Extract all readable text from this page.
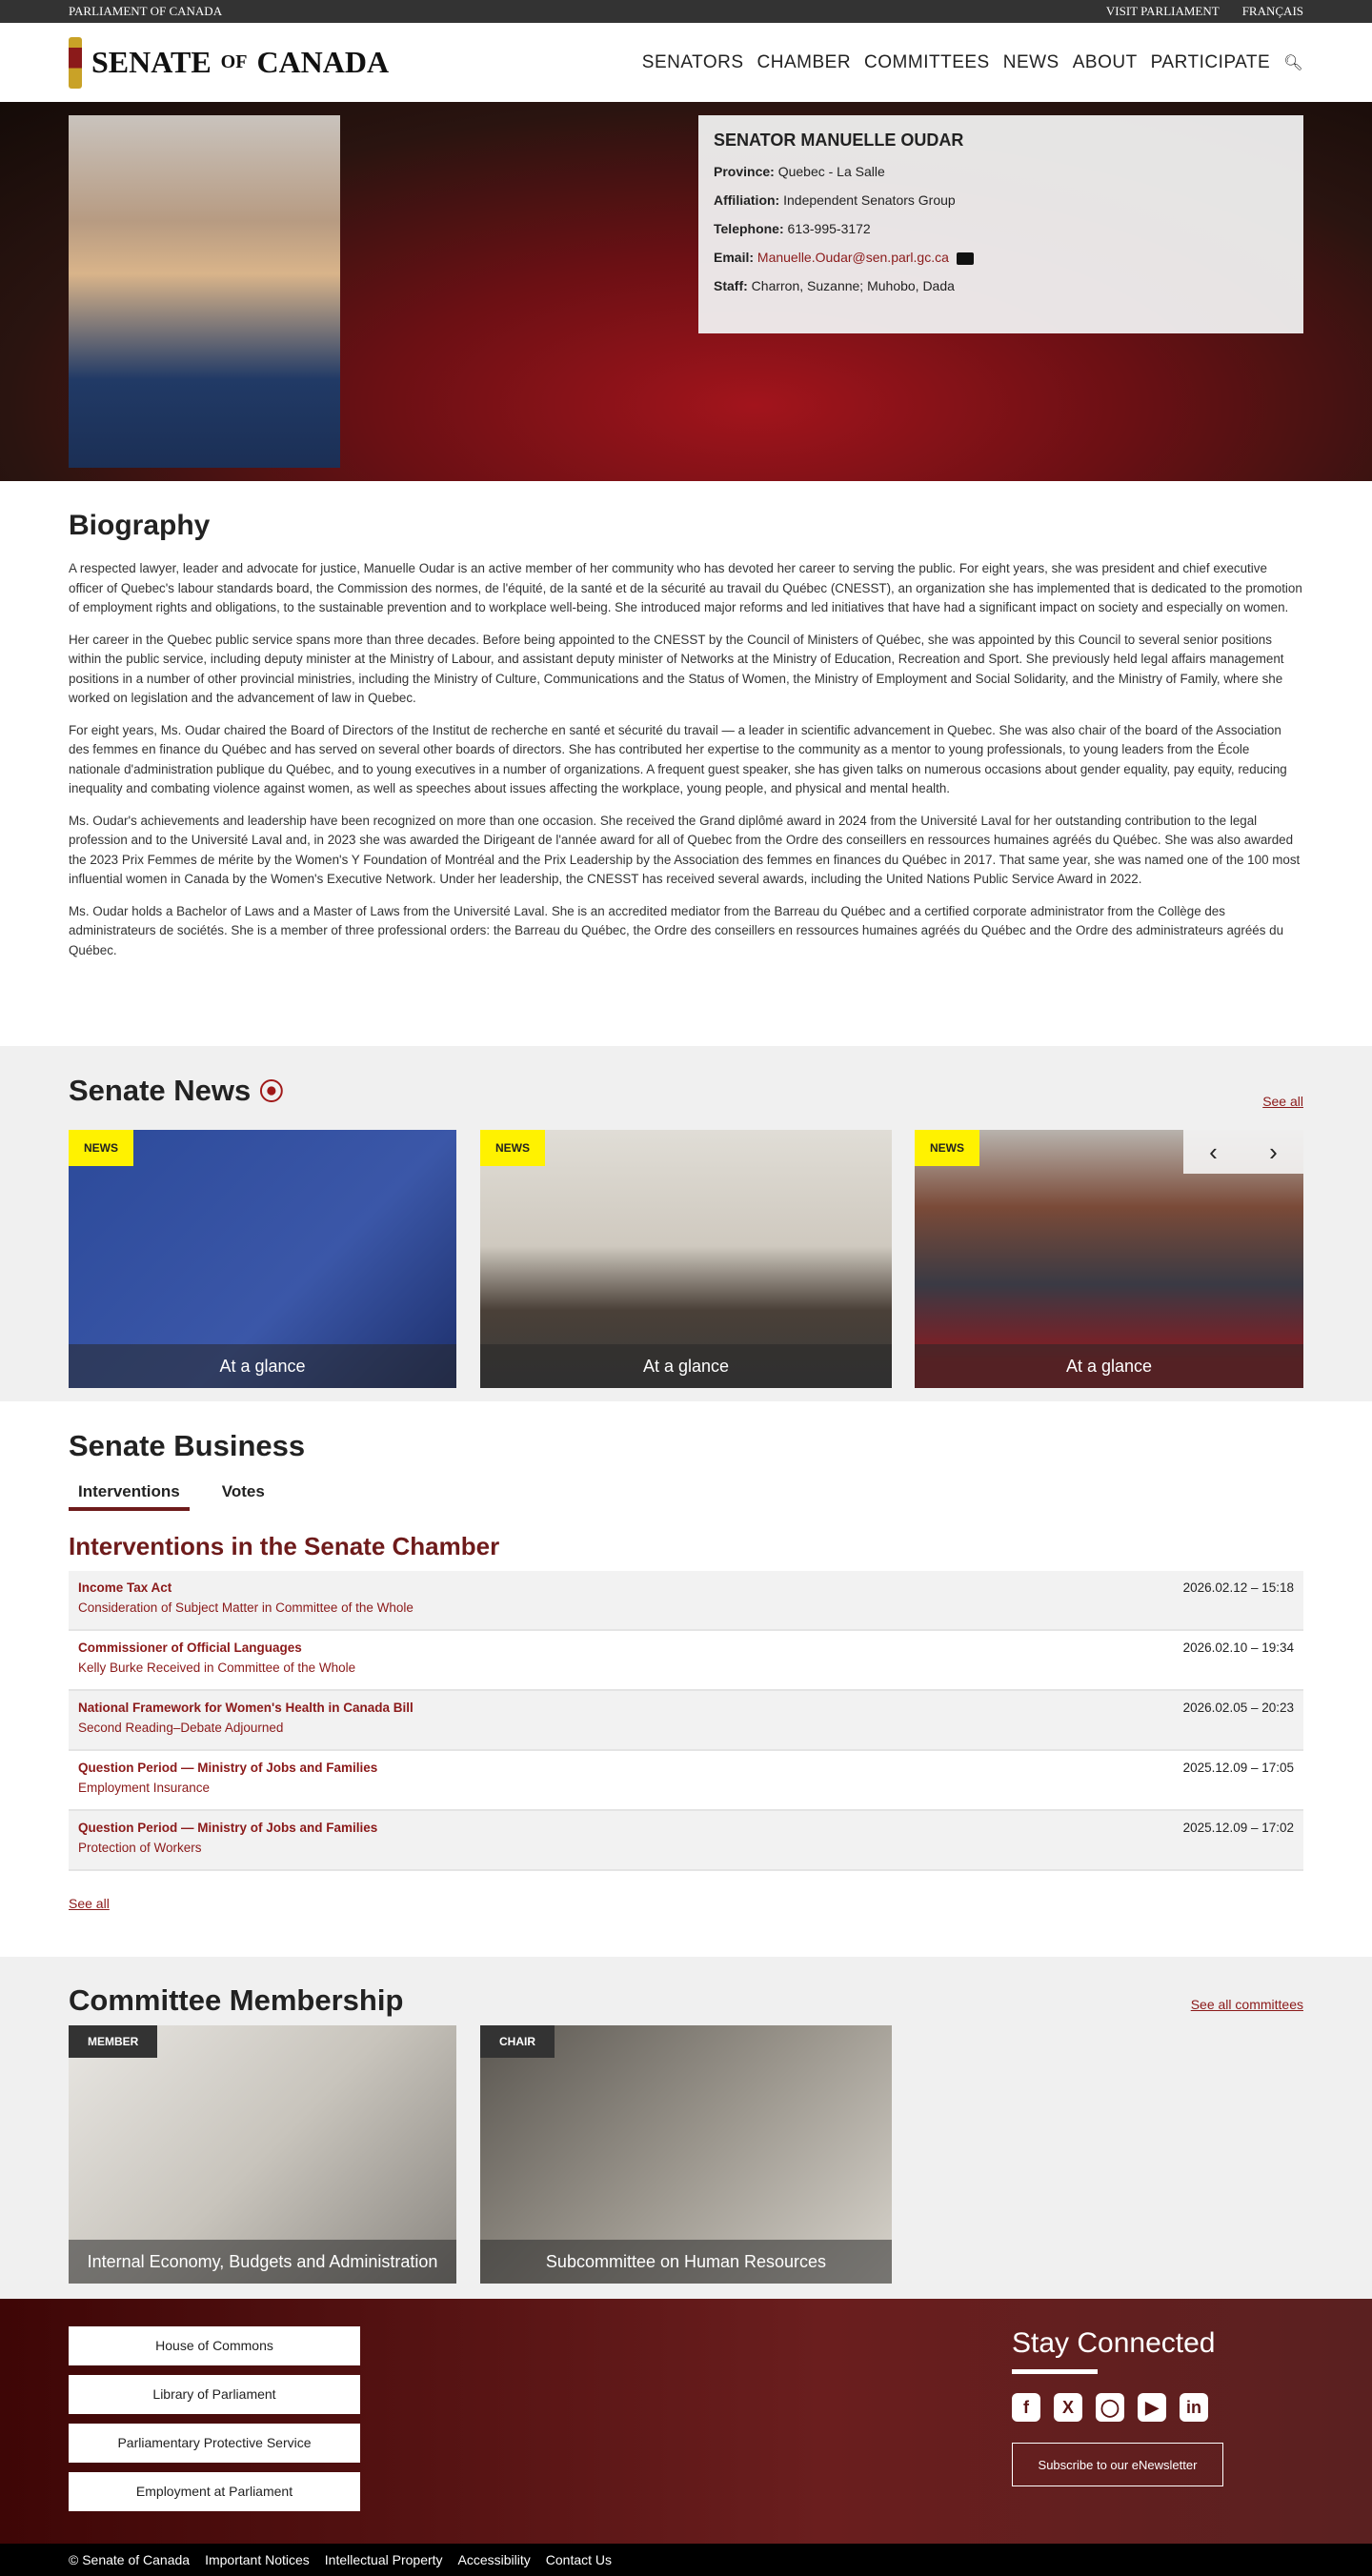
PARLIAMENT OF CANADA	VISIT PARLIAMENT FRANÇAIS
SENATE OF CANADA	SENATORS CHAMBER COMMITTEES NEWS ABOUT PARTICIPATE 🔍︎
SENATOR MANUELLE OUDAR

Province: Quebec - La Salle

Affiliation: Independent Senators Group

Telephone: 613-995-3172

Email: Manuelle.Oudar@sen.parl.gc.ca

Staff: Charron, Suzanne; Muhobo, Dada

Biography

A respected lawyer, leader and advocate for justice, Manuelle Oudar is an active member of her community who has devoted her career to serving the public. For eight years, she was president and chief executive officer of Quebec's labour standards board, the Commission des normes, de l'équité, de la santé et de la sécurité au travail du Québec (CNESST), an organization she has implemented that is dedicated to the promotion of employment rights and obligations, to the sustainable prevention and to workplace well-being. She introduced major reforms and led initiatives that have had a significant impact on society and especially on women.

Her career in the Quebec public service spans more than three decades. Before being appointed to the CNESST by the Council of Ministers of Québec, she was appointed by this Council to several senior positions within the public service, including deputy minister at the Ministry of Labour, and assistant deputy minister of Networks at the Ministry of Education, Recreation and Sport. She previously held legal affairs management positions in a number of other provincial ministries, including the Ministry of Culture, Communications and the Status of Women, the Ministry of Employment and Social Solidarity, and the Ministry of Family, where she worked on legislation and the advancement of law in Quebec.

For eight years, Ms. Oudar chaired the Board of Directors of the Institut de recherche en santé et sécurité du travail — a leader in scientific advancement in Quebec. She was also chair of the board of the Association des femmes en finance du Québec and has served on several other boards of directors. She has contributed her expertise to the community as a mentor to young professionals, to young leaders from the École nationale d'administration publique du Québec, and to young executives in a number of organizations. A frequent guest speaker, she has given talks on numerous occasions about gender equality, pay equity, reducing inequality and combating violence against women, as well as speeches about issues affecting the workplace, young people, and physical and mental health.

Ms. Oudar's achievements and leadership have been recognized on more than one occasion. She received the Grand diplômé award in 2024 from the Université Laval for her outstanding contribution to the legal profession and to the Université Laval and, in 2023 she was awarded the Dirigeant de l'année award for all of Quebec from the Ordre des conseillers en ressources humaines agréés du Québec. She was also awarded the 2023 Prix Femmes de mérite by the Women's Y Foundation of Montréal and the Prix Leadership by the Association des femmes en finances du Québec in 2017. That same year, she was named one of the 100 most influential women in Canada by the Women's Executive Network. Under her leadership, the CNESST has received several awards, including the United Nations Public Service Award in 2022.

Ms. Oudar holds a Bachelor of Laws and a Master of Laws from the Université Laval. She is an accredited mediator from the Barreau du Québec and a certified corporate administrator from the Collège des administrateurs de sociétés. She is a member of three professional orders: the Barreau du Québec, the Ordre des conseillers en ressources humaines agréés du Québec and the Ordre des administrateurs agréés du Québec.

Senate News ⦿	See all
NEWS
At a glance
NEWS
At a glance
NEWS
At a glance
‹ ›
Senate Business
Interventions	Votes
Interventions in the Senate Chamber
Income Tax Act
Consideration of Subject Matter in Committee of the Whole
2026.02.12 – 15:18
Commissioner of Official Languages
Kelly Burke Received in Committee of the Whole
2026.02.10 – 19:34
National Framework for Women's Health in Canada Bill
Second Reading–Debate Adjourned
2026.02.05 – 20:23
Question Period — Ministry of Jobs and Families
Employment Insurance
2025.12.09 – 17:05
Question Period — Ministry of Jobs and Families
Protection of Workers
2025.12.09 – 17:02
See all
Committee Membership	See all committees
MEMBER
Internal Economy, Budgets and Administration
CHAIR
Subcommittee on Human Resources
House of Commons
Library of Parliament
Parliamentary Protective Service
Employment at Parliament
Stay Connected
f	X	◯	▶	in
Subscribe to our eNewsletter
© Senate of Canada Important Notices Intellectual Property Accessibility Contact Us
